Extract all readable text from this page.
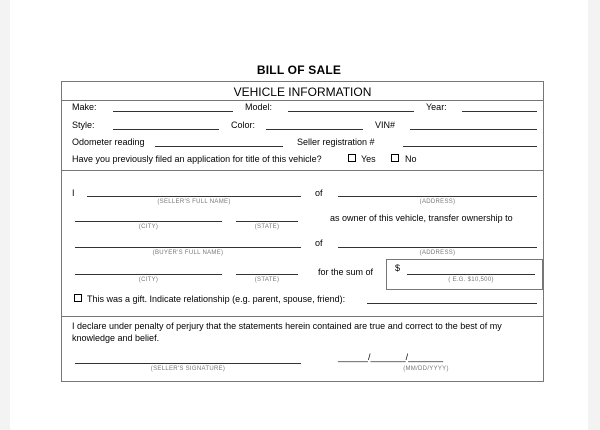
BILL OF SALE
VEHICLE INFORMATION
Make:	Model:	Year:
Style:	Color:	VIN#
Odometer reading	Seller registration #
Have you previously filed an application for title of this vehicle?	Yes	No
I
(SELLER'S FULL NAME)
of
(ADDRESS)
(CITY)	(STATE)
as owner of this vehicle, transfer ownership to
(BUYER'S FULL NAME)
of
(ADDRESS)
(CITY)	(STATE)
for the sum of $
( E.G. $10,500)
This was a gift. Indicate relationship (e.g. parent, spouse, friend):
I declare under penalty of perjury that the statements herein contained are true and correct to the best of my
knowledge and belief.
(SELLER'S SIGNATURE)
______/_______/_______
(MM/DD/YYYY)
